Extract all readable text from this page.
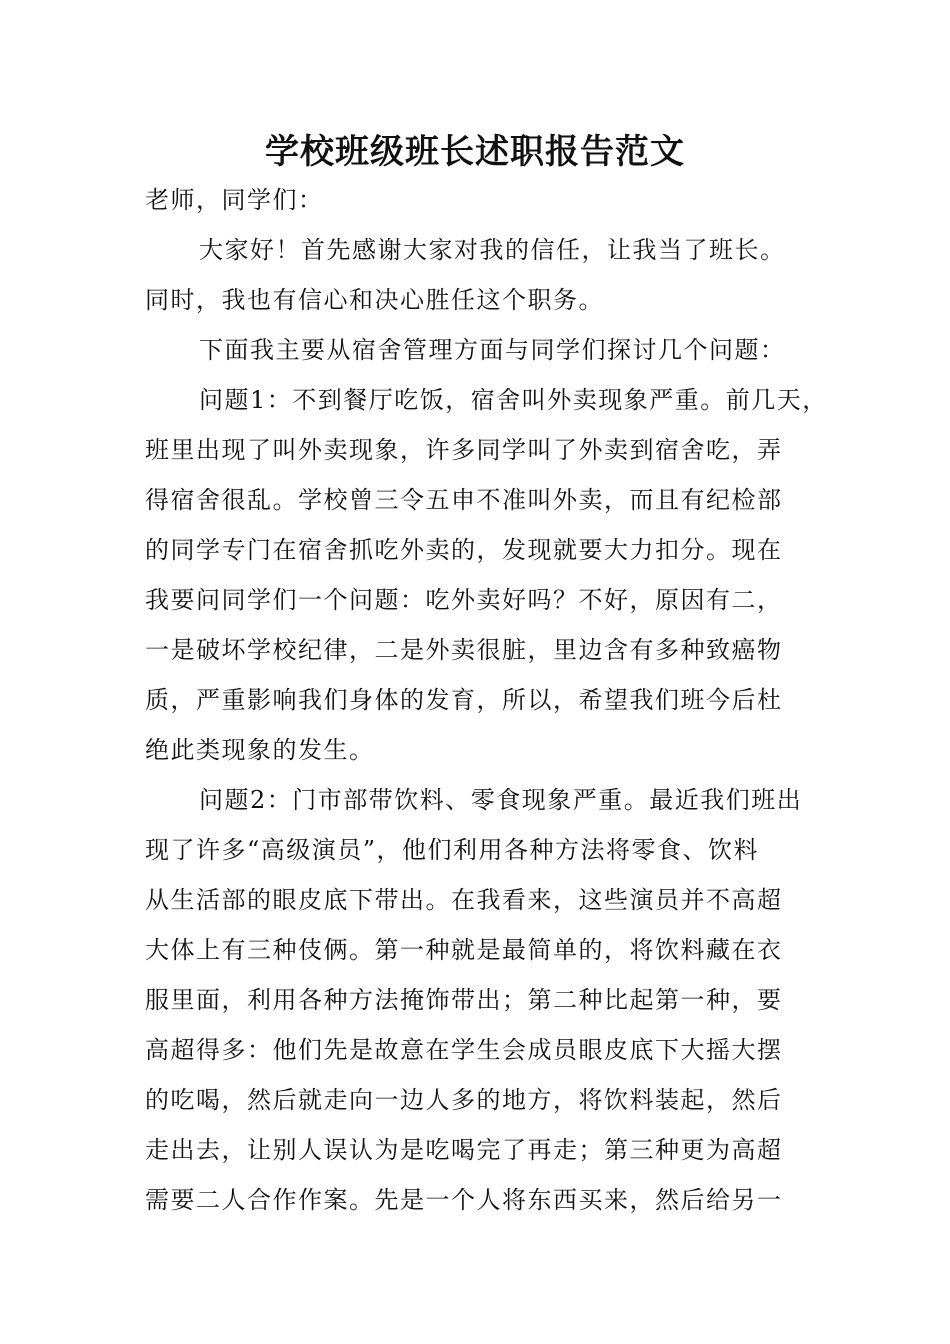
学校班级班长述职报告范文
老师，同学们：
大家好！首先感谢大家对我的信任，让我当了班长。
同时，我也有信心和决心胜任这个职务。
下面我主要从宿舍管理方面与同学们探讨几个问题：
问题1：不到餐厅吃饭，宿舍叫外卖现象严重。前几天，
班里出现了叫外卖现象，许多同学叫了外卖到宿舍吃，弄
得宿舍很乱。学校曾三令五申不准叫外卖，而且有纪检部
的同学专门在宿舍抓吃外卖的，发现就要大力扣分。现在
我要问同学们一个问题：吃外卖好吗？不好，原因有二，
一是破坏学校纪律，二是外卖很脏，里边含有多种致癌物
质，严重影响我们身体的发育，所以，希望我们班今后杜
绝此类现象的发生。
问题2：门市部带饮料、零食现象严重。最近我们班出
现了许多“高级演员”，他们利用各种方法将零食、饮料
从生活部的眼皮底下带出。在我看来，这些演员并不高超
大体上有三种伎俩。第一种就是最简单的，将饮料藏在衣
服里面，利用各种方法掩饰带出；第二种比起第一种，要
高超得多：他们先是故意在学生会成员眼皮底下大摇大摆
的吃喝，然后就走向一边人多的地方，将饮料装起，然后
走出去，让别人误认为是吃喝完了再走；第三种更为高超
需要二人合作作案。先是一个人将东西买来，然后给另一
